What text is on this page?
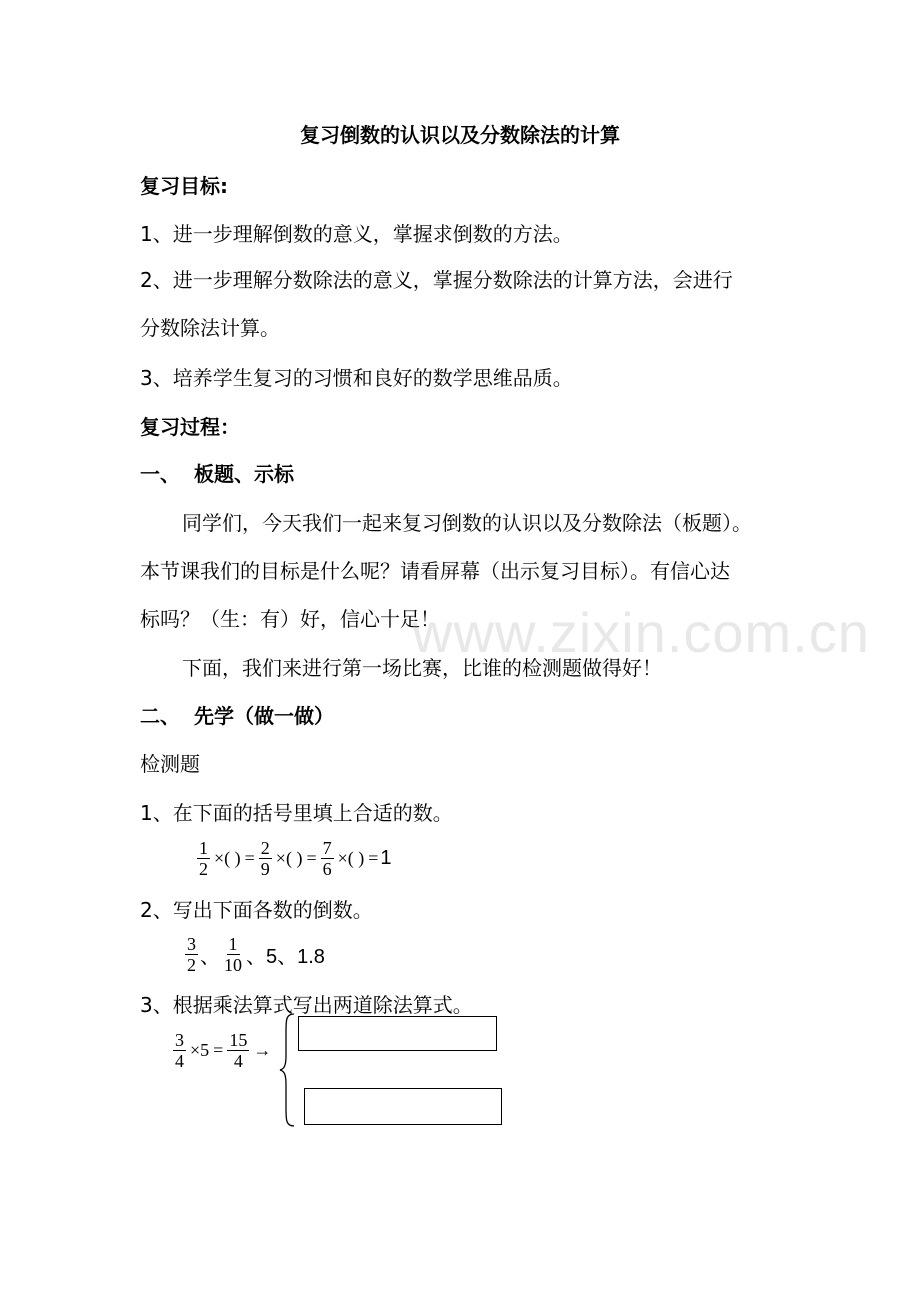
复习倒数的认识以及分数除法的计算
复习目标:
1、进一步理解倒数的意义，掌握求倒数的方法。
2、进一步理解分数除法的意义，掌握分数除法的计算方法，会进行
分数除法计算。
3、培养学生复习的习惯和良好的数学思维品质。
复习过程：
一、 板题、示标
同学们，今天我们一起来复习倒数的认识以及分数除法（板题）。
本节课我们的目标是什么呢？请看屏幕（出示复习目标）。有信心达
标吗？（生：有）好，信心十足！
www.zixin.com.cn
下面，我们来进行第一场比赛，比谁的检测题做得好！
二、 先学（做一做）
检测题
1、在下面的括号里填上合适的数。
$\frac{1}{2}$ ×( ) = $\frac{2}{9}$ ×( ) = $\frac{7}{6}$ ×( ) = 1
2、写出下面各数的倒数。
$\frac{3}{2}$ 、 $\frac{1}{10}$ 、5、1.8
3、根据乘法算式写出两道除法算式。
$\frac{3}{4} \times 5 = \frac{15}{4}$ →
